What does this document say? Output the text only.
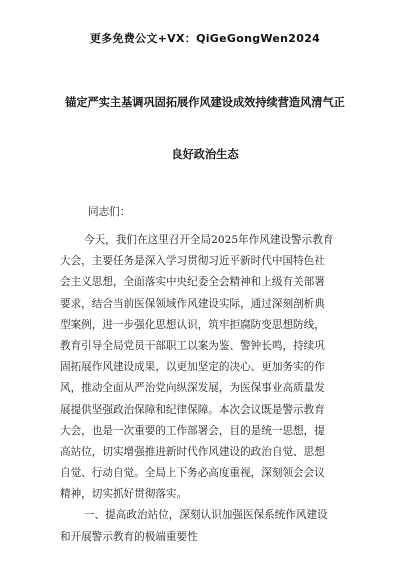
更多免费公文+VX：QiGeGongWen2024
锚定严实主基调巩固拓展作风建设成效持续营造风清气正
良好政治生态
同志们：
今天，我们在这里召开全局2025年作风建设警示教育
大会，主要任务是深入学习贯彻习近平新时代中国特色社
会主义思想，全面落实中央纪委全会精神和上级有关部署
要求，结合当前医保领域作风建设实际，通过深刻剖析典
型案例，进一步强化思想认识，筑牢拒腐防变思想防线，
教育引导全局党员干部职工以案为鉴、警钟长鸣，持续巩
固拓展作风建设成果，以更加坚定的决心、更加务实的作
风，推动全面从严治党向纵深发展，为医保事业高质量发
展提供坚强政治保障和纪律保障。本次会议既是警示教育
大会，也是一次重要的工作部署会，目的是统一思想，提
高站位，切实增强推进新时代作风建设的政治自觉、思想
自觉、行动自觉。全局上下务必高度重视，深刻领会会议
精神，切实抓好贯彻落实。
一、提高政治站位，深刻认识加强医保系统作风建设
和开展警示教育的极端重要性
